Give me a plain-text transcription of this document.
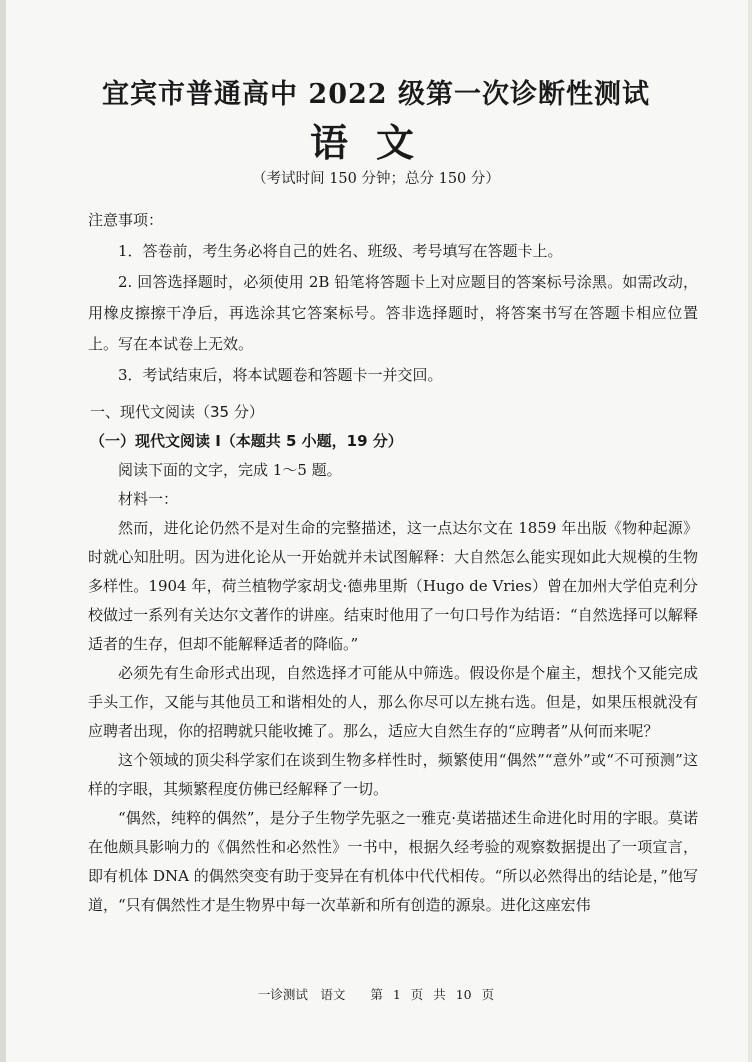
宜宾市普通高中 2022 级第一次诊断性测试
语文
（考试时间 150 分钟；总分 150 分）
注意事项：

1．答卷前，考生务必将自己的姓名、班级、考号填写在答题卡上。

2. 回答选择题时，必须使用 2B 铅笔将答题卡上对应题目的答案标号涂黑。如需改动，用橡皮擦擦干净后，再选涂其它答案标号。答非选择题时，将答案书写在答题卡相应位置上。写在本试卷上无效。

3．考试结束后，将本试题卷和答题卡一并交回。

一、现代文阅读（35 分）
（一）现代文阅读 I（本题共 5 小题，19 分）

阅读下面的文字，完成 1～5 题。

材料一：

然而，进化论仍然不是对生命的完整描述，这一点达尔文在 1859 年出版《物种起源》时就心知肚明。因为进化论从一开始就并未试图解释：大自然怎么能实现如此大规模的生物多样性。1904 年，荷兰植物学家胡戈·德弗里斯（Hugo de Vries）曾在加州大学伯克利分校做过一系列有关达尔文著作的讲座。结束时他用了一句口号作为结语：“自然选择可以解释适者的生存，但却不能解释适者的降临。”

必须先有生命形式出现，自然选择才可能从中筛选。假设你是个雇主，想找个又能完成手头工作，又能与其他员工和谐相处的人，那么你尽可以左挑右选。但是，如果压根就没有应聘者出现，你的招聘就只能收摊了。那么，适应大自然生存的“应聘者”从何而来呢？

这个领域的顶尖科学家们在谈到生物多样性时，频繁使用“偶然”“意外”或“不可预测”这样的字眼，其频繁程度仿佛已经解释了一切。

“偶然，纯粹的偶然”，是分子生物学先驱之一雅克·莫诺描述生命进化时用的字眼。莫诺在他颇具影响力的《偶然性和必然性》一书中，根据久经考验的观察数据提出了一项宣言，即有机体 DNA 的偶然突变有助于变异在有机体中代代相传。“所以必然得出的结论是，”他写道，“只有偶然性才是生物界中每一次革新和所有创造的源泉。进化这座宏伟

一诊测试　语文　　第 1 页 共 10 页
